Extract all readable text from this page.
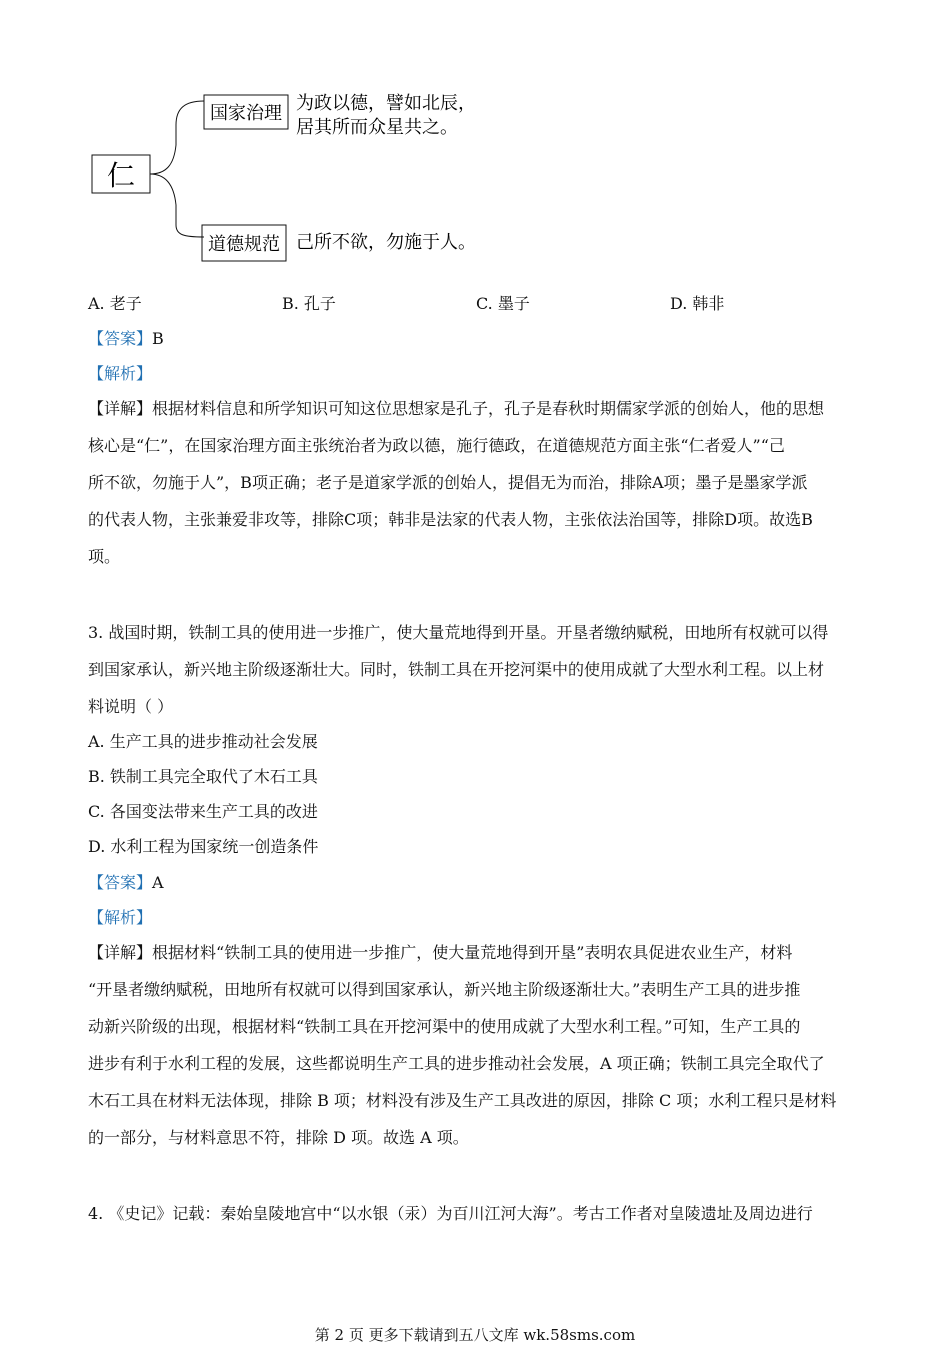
仁
国家治理 为政以德，譬如北辰，
居其所而众星共之。
道德规范 己所不欲，勿施于人。
A. 老子	B. 孔子	C. 墨子	D. 韩非
【答案】B
【解析】
【详解】根据材料信息和所学知识可知这位思想家是孔子，孔子是春秋时期儒家学派的创始人，他的思想
核心是“仁”，在国家治理方面主张统治者为政以德，施行德政，在道德规范方面主张“仁者爱人”“己
所不欲，勿施于人”，B项正确；老子是道家学派的创始人，提倡无为而治，排除A项；墨子是墨家学派
的代表人物，主张兼爱非攻等，排除C项；韩非是法家的代表人物，主张依法治国等，排除D项。故选B
项。
3. 战国时期，铁制工具的使用进一步推广，使大量荒地得到开垦。开垦者缴纳赋税，田地所有权就可以得
到国家承认，新兴地主阶级逐渐壮大。同时，铁制工具在开挖河渠中的使用成就了大型水利工程。以上材
料说明（ ）
A. 生产工具的进步推动社会发展
B. 铁制工具完全取代了木石工具
C. 各国变法带来生产工具的改进
D. 水利工程为国家统一创造条件
【答案】A
【解析】
【详解】根据材料“铁制工具的使用进一步推广，使大量荒地得到开垦”表明农具促进农业生产，材料
“开垦者缴纳赋税，田地所有权就可以得到国家承认，新兴地主阶级逐渐壮大。”表明生产工具的进步推
动新兴阶级的出现，根据材料“铁制工具在开挖河渠中的使用成就了大型水利工程。”可知，生产工具的
进步有利于水利工程的发展，这些都说明生产工具的进步推动社会发展，A 项正确；铁制工具完全取代了
木石工具在材料无法体现，排除 B 项；材料没有涉及生产工具改进的原因，排除 C 项；水利工程只是材料
的一部分，与材料意思不符，排除 D 项。故选 A 项。
4. 《史记》记载：秦始皇陵地宫中“以水银（汞）为百川江河大海”。考古工作者对皇陵遗址及周边进行
第 2 页 更多下载请到五八文库 wk.58sms.com
